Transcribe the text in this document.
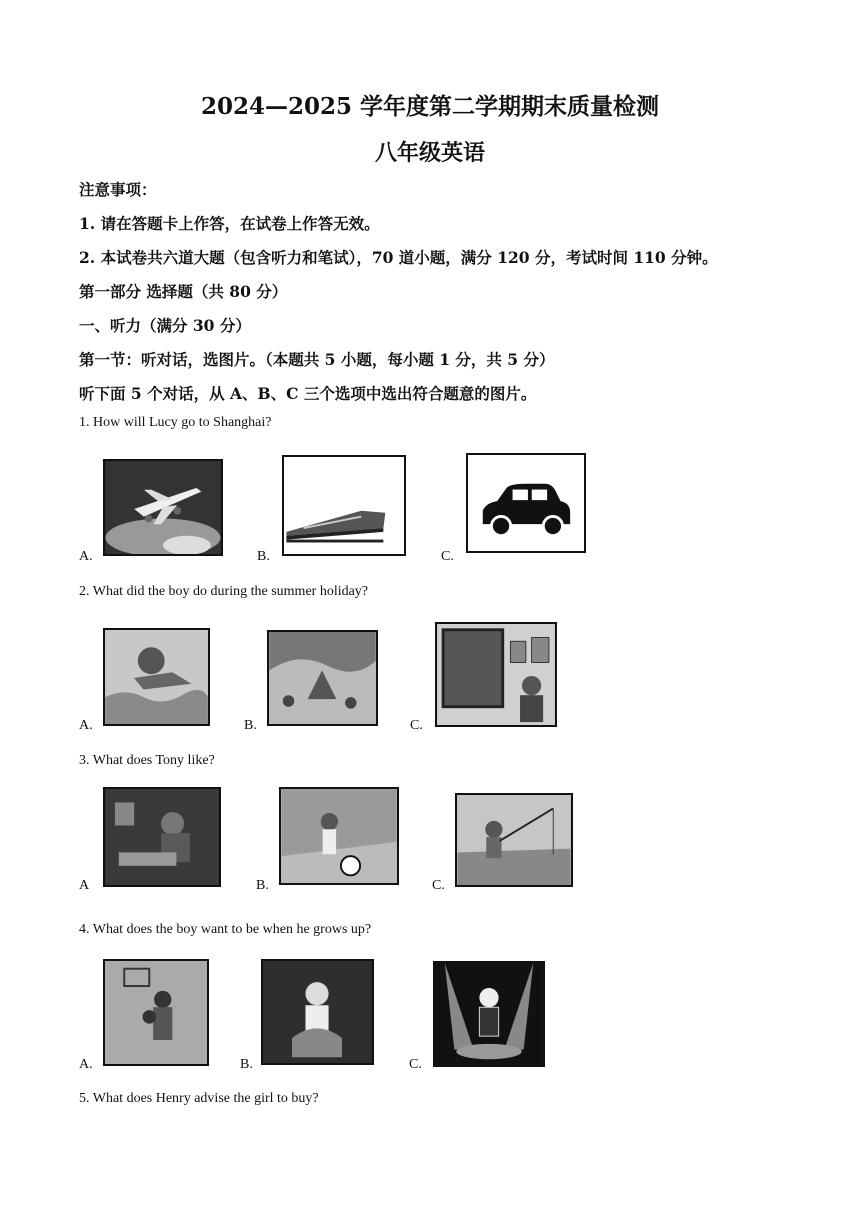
2024—2025 学年度第二学期期末质量检测
八年级英语
注意事项：
1. 请在答题卡上作答，在试卷上作答无效。
2. 本试卷共六道大题（包含听力和笔试），70 道小题，满分 120 分，考试时间 110 分钟。
第一部分 选择题（共 80 分）
一、听力（满分 30 分）
第一节：听对话，选图片。（本题共 5 小题，每小题 1 分，共 5 分）
听下面 5 个对话，从 A、B、C 三个选项中选出符合题意的图片。
1. How will Lucy go to Shanghai?
A.	B.	C.
2. What did the boy do during the summer holiday?
A.	B.	C.
3. What does Tony like?
A	B.	C.
4. What does the boy want to be when he grows up?
A.	B.	C.
5. What does Henry advise the girl to buy?
